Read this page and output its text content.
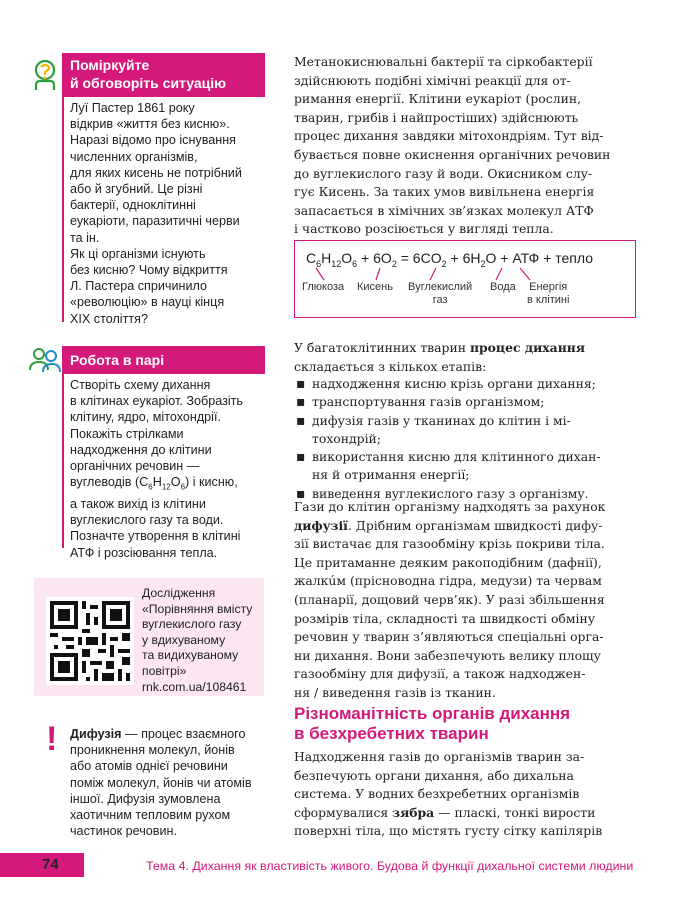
Поміркуйте
й обговоріть ситуацію
Луї Пастер 1861 року
відкрив «життя без кисню».
Наразі відомо про існування
численних організмів,
для яких кисень не потрібний
або й згубний. Це різні
бактерії, одноклітинні
еукаріоти, паразитичні черви
та ін.
Як ці організми існують
без кисню? Чому відкриття
Л. Пастера спричинило
«революцію» в науці кінця
XIX століття?
Робота в парі
Створіть схему дихання
в клітинах еукаріот. Зобразіть
клітину, ядро, мітохондрії.
Покажіть стрілками
надходження до клітини
органічних речовин —
вуглеводів $(C_6H_{12}O_6)$ і кисню,
а також вихід із клітини
вуглекислого газу та води.
Позначте утворення в клітині
АТФ і розсіювання тепла.
Дослідження
«Порівняння вмісту
вуглекислого газу
у вдихуваному
та видихуваному
повітрі»
rnk.com.ua/108461
! Дифузія — процес взаємного проникнення молекул, йонів або атомів однієї речовини поміж молекул, йонів чи атомів іншої. Дифузія зумовлена хаотичним тепловим рухом частинок речовин.
Метанокиснювальні бактерії та сіркобактерії
здійснюють подібні хімічні реакції для от-
римання енергії. Клітини еукаріот (рослин,
тварин, грибів і найпростіших) здійснюють
процес дихання завдяки мітохондріям. Тут від-
бувається повне окиснення органічних речовин
до вуглекислого газу й води. Окисником слу-
гує Кисень. За таких умов вивільнена енергія
запасається в хімічних зв’язках молекул АТФ
і частково розсіюється у вигляді тепла.
$C_6H_{12}O_6 + 6O_2 = 6CO_2 + 6H_2O$ + АТФ + тепло
Глюкоза Кисень Вуглекислий
газ
Вода Енергія
в клітині
У багатоклітинних тварин процес дихання
складається з кількох етапів:
▪ надходження кисню крізь органи дихання;
▪ транспортування газів організмом;
▪ дифузія газів у тканинах до клітин і мі-
тохондрій;
▪ використання кисню для клітинного дихан-
ня й отримання енергії;
▪ виведення вуглекислого газу з організму.
Гази до клітин організму надходять за рахунок
дифузії. Дрібним організмам швидкості дифу-
зії вистачає для газообміну крізь покриви тіла.
Це притаманне деяким ракоподібним (дафнії),
жалкúм (прісноводна гідра, медузи) та червам
(планарії, дощовий черв’як). У разі збільшення
розмірів тіла, складності та швидкості обміну
речовин у тварин з’являються спеціальні орга-
ни дихання. Вони забезпечують велику площу
газообміну для дифузії, а також надходжен-
ня / виведення газів із тканин.
Різноманітність органів дихання
в безхребетних тварин
Надходження газів до організмів тварин за-
безпечують органи дихання, або дихальна
система. У водних безхребетних організмів
сформувалися зябра — пласкі, тонкі вирости
поверхні тіла, що містять густу сітку капілярів
74	Тема 4. Дихання як властивість живого. Будова й функції дихальної системи людини
